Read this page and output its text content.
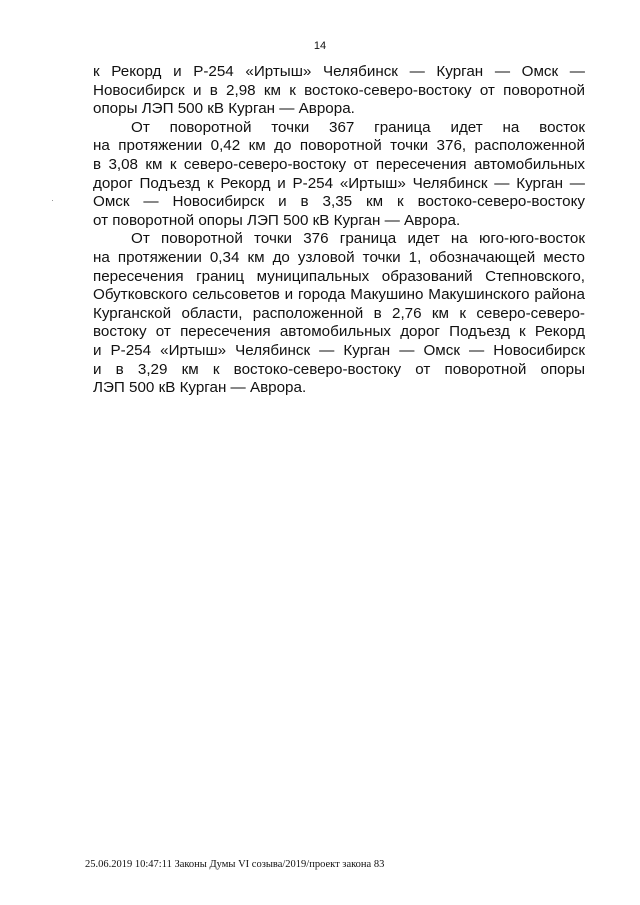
14
к Рекорд и Р-254 «Иртыш» Челябинск — Курган — Омск —
Новосибирск и в 2,98 км к востоко-северо-востоку от поворотной
опоры ЛЭП 500 кВ Курган — Аврора.
От поворотной точки 367 граница идет на восток
на протяжении 0,42 км до поворотной точки 376, расположенной
в 3,08 км к северо-северо-востоку от пересечения автомобильных
дорог Подъезд к Рекорд и Р-254 «Иртыш» Челябинск — Курган —
Омск — Новосибирск и в 3,35 км к востоко-северо-востоку
от поворотной опоры ЛЭП 500 кВ Курган — Аврора.
От поворотной точки 376 граница идет на юго-юго-восток
на протяжении 0,34 км до узловой точки 1, обозначающей место
пересечения границ муниципальных образований Степновского,
Обутковского сельсоветов и города Макушино Макушинского района
Курганской области, расположенной в 2,76 км к северо-северо-
востоку от пересечения автомобильных дорог Подъезд к Рекорд
и Р-254 «Иртыш» Челябинск — Курган — Омск — Новосибирск
и в 3,29 км к востоко-северо-востоку от поворотной опоры
ЛЭП 500 кВ Курган — Аврора.
25.06.2019 10:47:11 Законы Думы VI созыва/2019/проект закона 83
